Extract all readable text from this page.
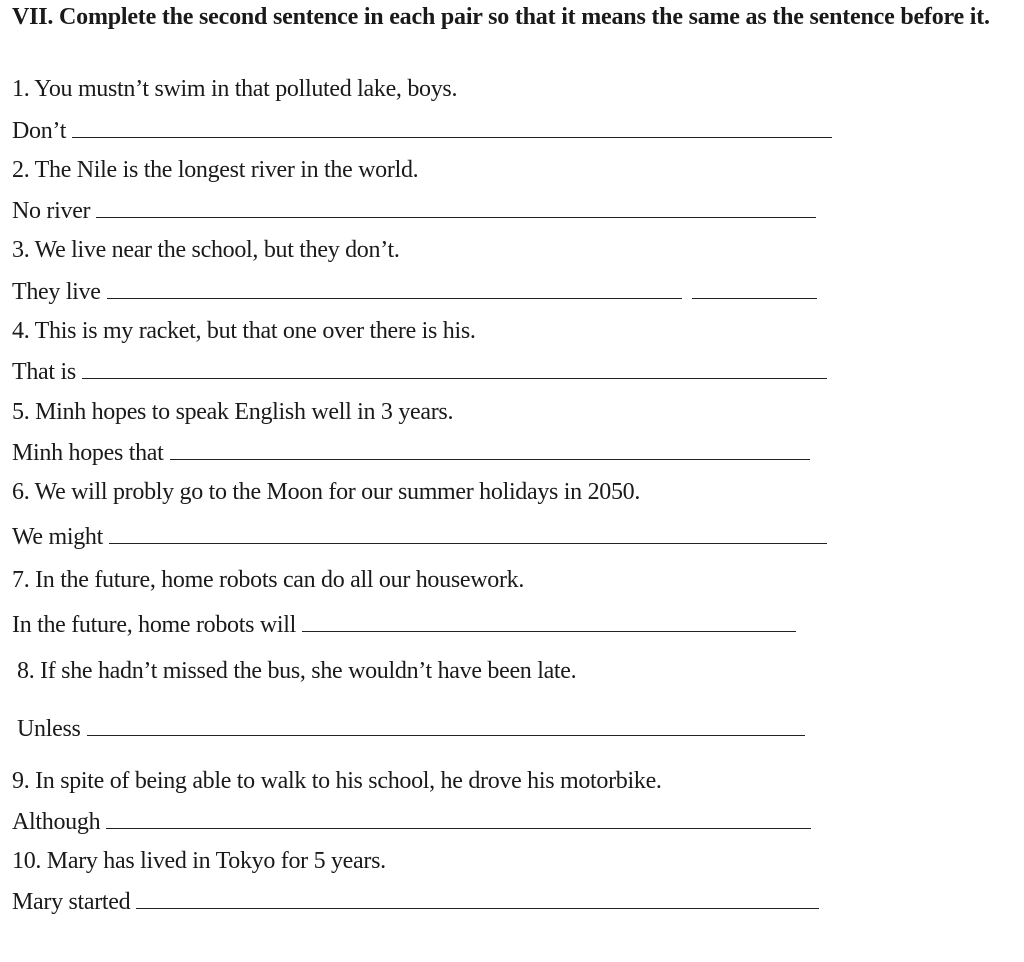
VII. Complete the second sentence in each pair so that it means the same as the sentence before it.
1. You mustn’t swim in that polluted lake, boys.
Don’t
2. The Nile is the longest river in the world.
No river
3. We live near the school, but they don’t.
They live
4. This is my racket, but that one over there is his.
That is
5. Minh hopes to speak English well in 3 years.
Minh hopes that
6. We will probly go to the Moon for our summer holidays in 2050.
We might
7. In the future, home robots can do all our housework.
In the future, home robots will
8. If she hadn’t missed the bus, she wouldn’t have been late.
Unless
9. In spite of being able to walk to his school, he drove his motorbike.
Although
10. Mary has lived in Tokyo for 5 years.
Mary started
